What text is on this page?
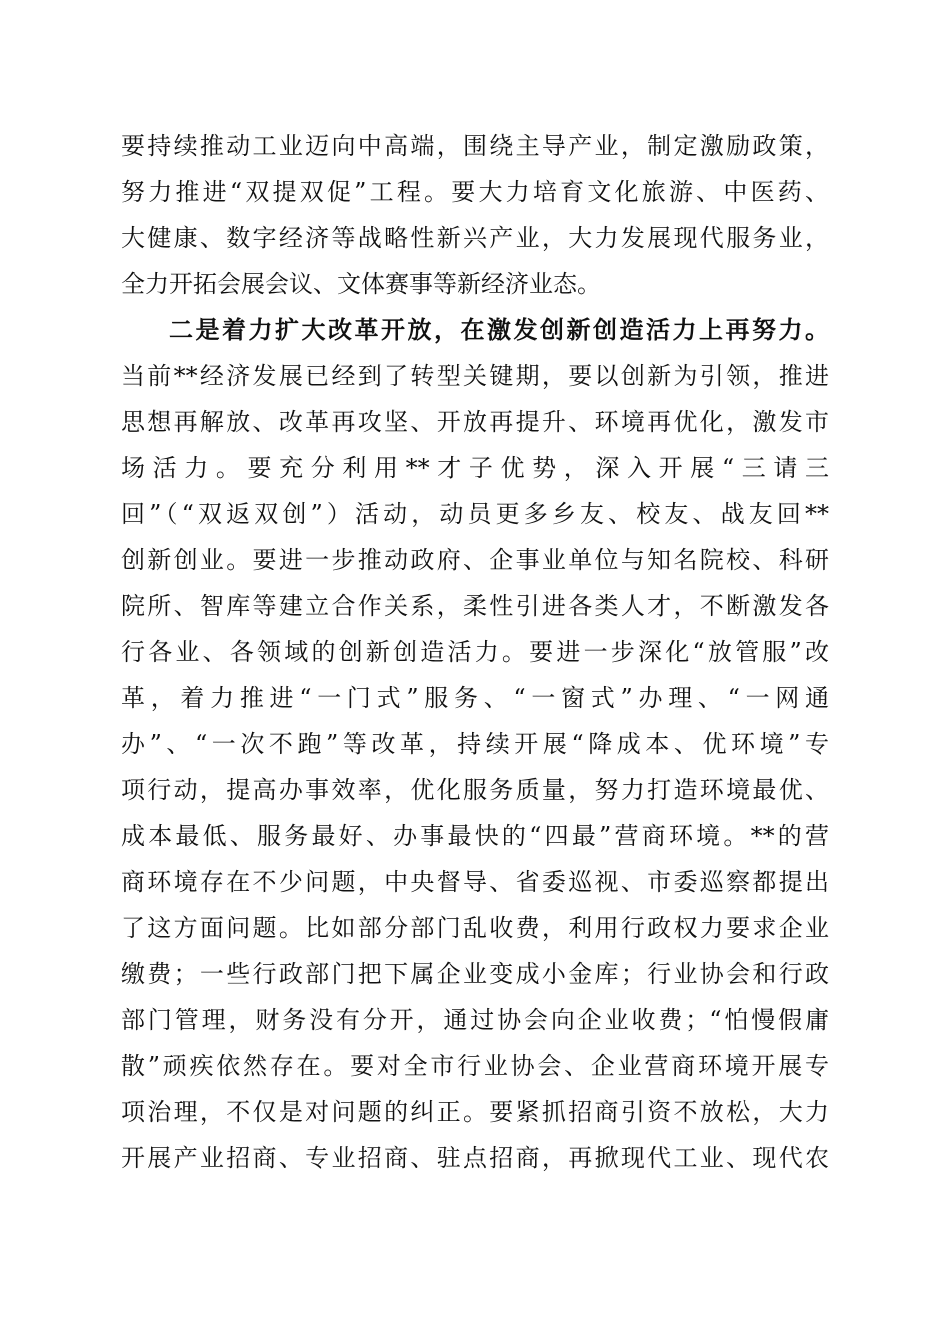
要持续推动工业迈向中高端，围绕主导产业，制定激励政策，
努力推进“双提双促”工程。要大力培育文化旅游、中医药、
大健康、数字经济等战略性新兴产业，大力发展现代服务业，
全力开拓会展会议、文体赛事等新经济业态。
二是着力扩大改革开放，在激发创新创造活力上再努力。
当前**经济发展已经到了转型关键期，要以创新为引领，推进
思想再解放、改革再攻坚、开放再提升、环境再优化，激发市
场活力。要充分利用**才子优势，深入开展“三请三
回”（“双返双创”）活动，动员更多乡友、校友、战友回**
创新创业。要进一步推动政府、企事业单位与知名院校、科研
院所、智库等建立合作关系，柔性引进各类人才，不断激发各
行各业、各领域的创新创造活力。要进一步深化“放管服”改
革，着力推进“一门式”服务、“一窗式”办理、“一网通
办”、“一次不跑”等改革，持续开展“降成本、优环境”专
项行动，提高办事效率，优化服务质量，努力打造环境最优、
成本最低、服务最好、办事最快的“四最”营商环境。**的营
商环境存在不少问题，中央督导、省委巡视、市委巡察都提出
了这方面问题。比如部分部门乱收费，利用行政权力要求企业
缴费；一些行政部门把下属企业变成小金库；行业协会和行政
部门管理，财务没有分开，通过协会向企业收费；“怕慢假庸
散”顽疾依然存在。要对全市行业协会、企业营商环境开展专
项治理，不仅是对问题的纠正。要紧抓招商引资不放松，大力
开展产业招商、专业招商、驻点招商，再掀现代工业、现代农
